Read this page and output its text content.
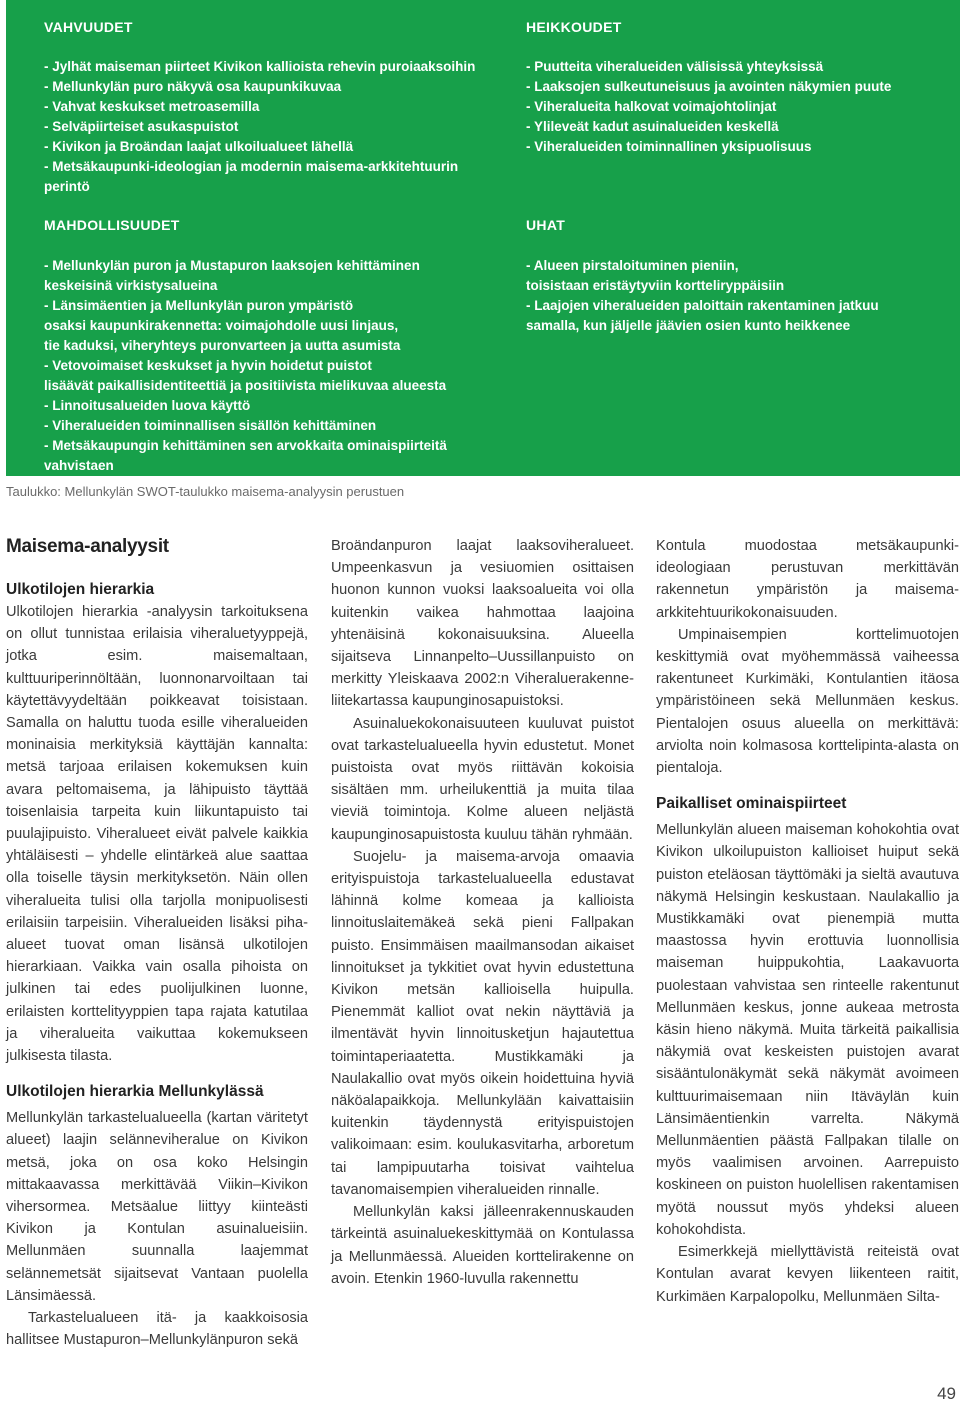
VAHVUUDET
- Jylhät maiseman piirteet Kivikon kallioista rehevin puroiaaksoihin
- Mellunkylän puro näkyvä osa kaupunkikuvaa
- Vahvat keskukset metroasemilla
- Selväpiirteiset asukaspuistot
- Kivikon ja Broändan laajat ulkoilualueet lähellä
- Metsäkaupunki-ideologian ja modernin maisema-arkkitehtuurin
perintö
HEIKKOUDET
- Puutteita viheralueiden välisissä yhteyksissä
- Laaksojen sulkeutuneisuus ja avointen näkymien puute
- Viheralueita halkovat voimajohtolinjat
- Ylileveät kadut asuinalueiden keskellä
- Viheralueiden toiminnallinen yksipuolisuus
MAHDOLLISUUDET
- Mellunkylän puron ja Mustapuron laaksojen kehittäminen
keskeisinä virkistysalueina
- Länsimäentien ja Mellunkylän puron ympäristö
osaksi kaupunkirakennetta: voimajohdolle uusi linjaus,
tie kaduksi, viheryhteys puronvarteen ja uutta asumista
- Vetovoimaiset keskukset ja hyvin hoidetut puistot
lisäävät paikallisidentiteettiä ja positiivista mielikuvaa alueesta
- Linnoitusalueiden luova käyttö
- Viheralueiden toiminnallisen sisällön kehittäminen
- Metsäkaupungin kehittäminen sen arvokkaita ominaispiirteitä
vahvistaen
UHAT
- Alueen pirstaloituminen pieniin,
toisistaan eristäytyviin kortteliryppäisiin
- Laajojen viheralueiden paloittain rakentaminen jatkuu
samalla, kun jäljelle jäävien osien kunto heikkenee
Taulukko: Mellunkylän SWOT-taulukko maisema-analyysin perustuen
Maisema-analyysit
Ulkotilojen hierarkia

Ulkotilojen hierarkia -analyysin tarkoituksena on ollut tunnistaa erilaisia viheraluetyyppejä, jotka esim. maisemaltaan, kulttuuriperinnöltään, luonnonarvoiltaan tai käytettävyydeltään poikkeavat toisistaan. Samalla on haluttu tuoda esille viheralueiden moninaisia merkityksiä käyttäjän kannalta: metsä tarjoaa erilaisen kokemuksen kuin avara peltomaisema, ja lähipuisto täyttää toisenlaisia tarpeita kuin liikuntapuisto tai puulajipuisto. Viheralueet eivät palvele kaikkia yhtäläisesti – yhdelle elintärkeä alue saattaa olla toiselle täysin merkityksetön. Näin ollen viheralueita tulisi olla tarjolla monipuolisesti erilaisiin tarpeisiin. Viheralueiden lisäksi piha-alueet tuovat oman lisänsä ulkotilojen hierarkiaan. Vaikka vain osalla pihoista on julkinen tai edes puolijulkinen luonne, erilaisten korttelityyppien tapa rajata katutilaa ja viheralueita vaikuttaa kokemukseen julkisesta tilasta.

Ulkotilojen hierarkia Mellunkylässä

Mellunkylän tarkastelualueella (kartan väritetyt alueet) laajin selänneviheralue on Kivikon metsä, joka on osa koko Helsingin mittakaavassa merkittävää Viikin–Kivikon vihersormea. Metsäalue liittyy kiinteästi Kivikon ja Kontulan asuinalueisiin. Mellunmäen suunnalla laajemmat selännemetsät sijaitsevat Vantaan puolella Länsimäessä.

Tarkastelualueen itä- ja kaakkoisosia hallitsee Mustapuron–Mellunkylänpuron sekä

Broändanpuron laajat laaksoviheralueet. Umpeenkasvun ja vesiuomien osittaisen huonon kunnon vuoksi laaksoalueita voi olla kuitenkin vaikea hahmottaa laajoina yhtenäisinä kokonaisuuksina. Alueella sijaitseva Linnanpelto–Uussillanpuisto on merkitty Yleiskaava 2002:n Viheraluerakenne-liitekartassa kaupunginosapuistoksi.

Asuinaluekokonaisuuteen kuuluvat puistot ovat tarkastelualueella hyvin edustetut. Monet puistoista ovat myös riittävän kokoisia sisältäen mm. urheilukenttiä ja muita tilaa vieviä toimintoja. Kolme alueen neljästä kaupunginosapuistosta kuuluu tähän ryhmään.

Suojelu- ja maisema-arvoja omaavia erityispuistoja tarkastelualueella edustavat lähinnä kolme komeaa ja kallioista linnoituslaitemäkeä sekä pieni Fallpakan puisto. Ensimmäisen maailmansodan aikaiset linnoitukset ja tykkitiet ovat hyvin edustettuna Kivikon metsän kallioisella huipulla. Pienemmät kalliot ovat nekin näyttäviä ja ilmentävät hyvin linnoitusketjun hajautettua toimintaperiaatetta. Mustikkamäki ja Naulakallio ovat myös oikein hoidettuina hyviä näköalapaikkoja. Mellunkylään kaivattaisiin kuitenkin täydennystä erityispuistojen valikoimaan: esim. koulukasvitarha, arboretum tai lampipuutarha toisivat vaihtelua tavanomaisempien viheralueiden rinnalle.

Mellunkylän kaksi jälleenrakennuskauden tärkeintä asuinaluekeskittymää on Kontulassa ja Mellunmäessä. Alueiden korttelirakenne on avoin. Etenkin 1960-luvulla rakennettu

Kontula muodostaa metsäkaupunki-ideologiaan perustuvan merkittävän rakennetun ympäristön ja maisema-arkkitehtuurikokonaisuuden.

Umpinaisempien korttelimuotojen keskittymiä ovat myöhemmässä vaiheessa rakentuneet Kurkimäki, Kontulantien itäosa ympäristöineen sekä Mellunmäen keskus. Pientalojen osuus alueella on merkittävä: arviolta noin kolmasosa korttelipinta-alasta on pientaloja.

Paikalliset ominaispiirteet

Mellunkylän alueen maiseman kohokohtia ovat Kivikon ulkoilupuiston kallioiset huiput sekä puiston eteläosan täyttömäki ja sieltä avautuva näkymä Helsingin keskustaan. Naulakallio ja Mustikkamäki ovat pienempiä mutta maastossa hyvin erottuvia luonnollisia maiseman huippukohtia, Laakavuorta puolestaan vahvistaa sen rinteelle rakentunut Mellunmäen keskus, jonne aukeaa metrosta käsin hieno näkymä. Muita tärkeitä paikallisia näkymiä ovat keskeisten puistojen avarat sisääntulonäkymät sekä näkymät avoimeen kulttuurimaisemaan niin Itäväylän kuin Länsimäentienkin varrelta. Näkymä Mellunmäentien päästä Fallpakan tilalle on myös vaalimisen arvoinen. Aarrepuisto koskineen on puiston huolellisen rakentamisen myötä noussut myös yhdeksi alueen kohokohdista.

Esimerkkejä miellyttävistä reiteistä ovat Kontulan avarat kevyen liikenteen raitit, Kurkimäen Karpalopolku, Mellunmäen Silta-

49
